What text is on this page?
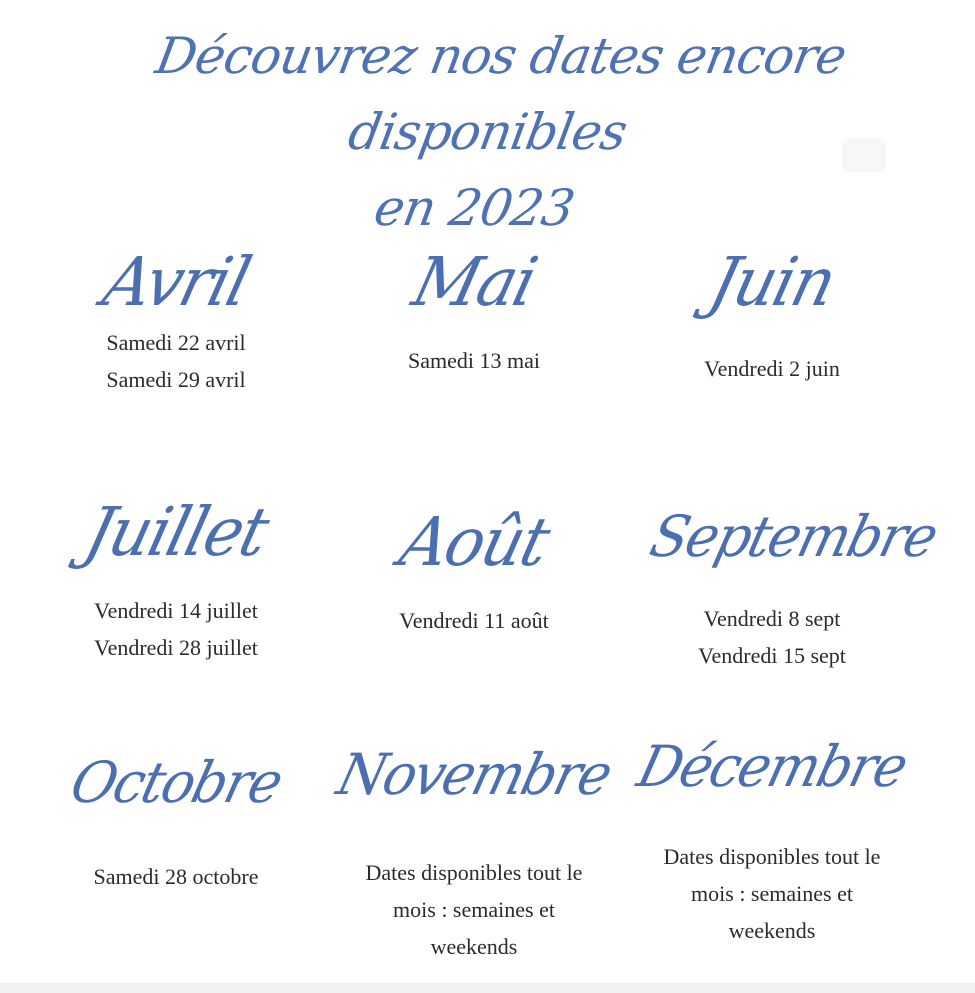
Découvrez nos dates encore disponibles
en 2023
Avril

Samedi 22 avril
Samedi 29 avril

Mai

Samedi 13 mai

Juin

Vendredi 2 juin

Juillet

Vendredi 14 juillet
Vendredi 28 juillet

Août

Vendredi 11 août

Septembre

Vendredi 8 sept
Vendredi 15 sept

Octobre

Samedi 28 octobre

Novembre

Dates disponibles tout le
mois : semaines et
weekends

Décembre

Dates disponibles tout le
mois : semaines et
weekends
